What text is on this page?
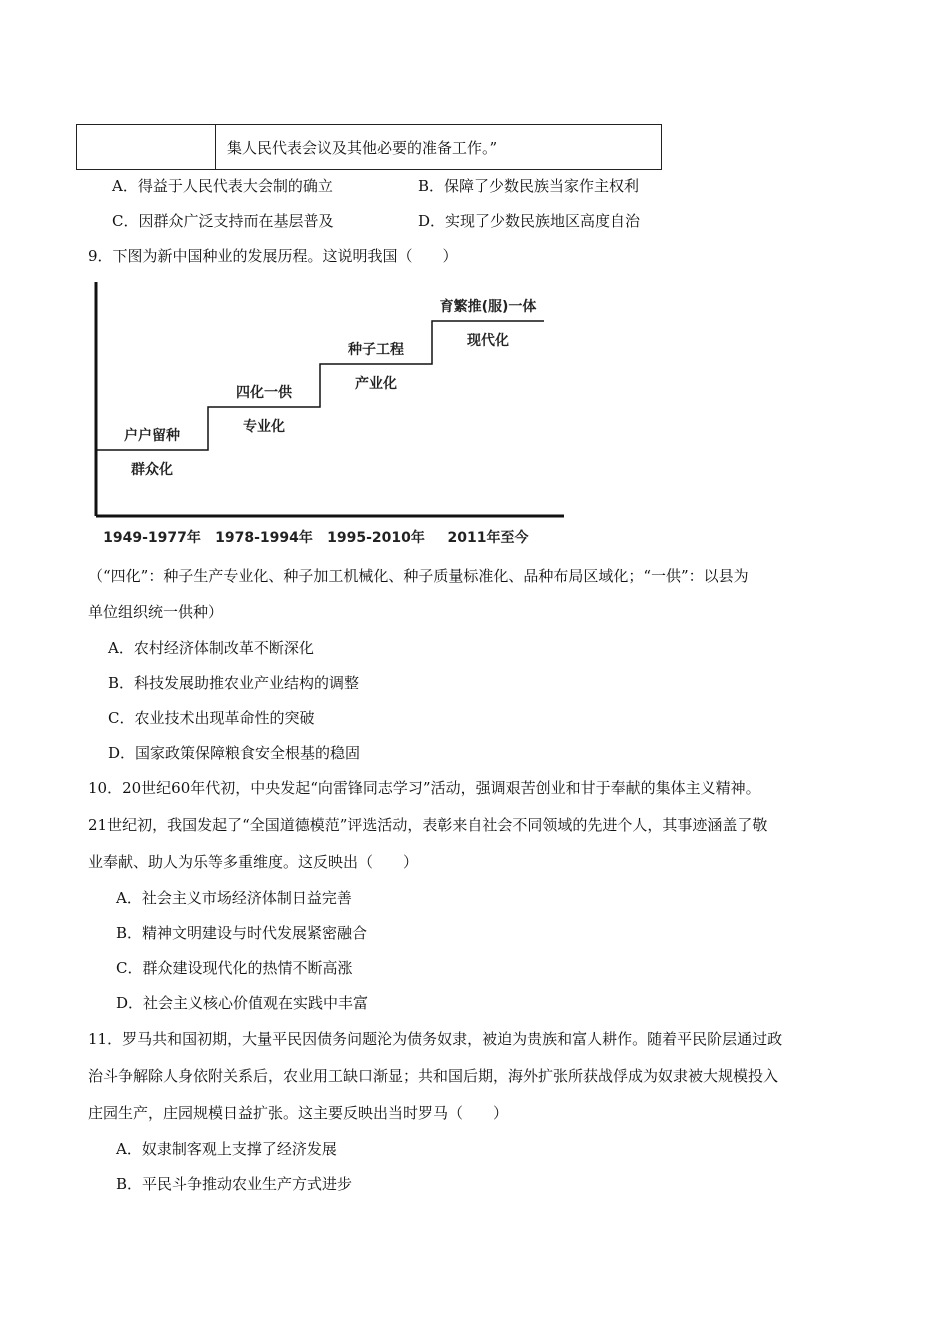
集人民代表会议及其他必要的准备工作。”
A．得益于人民代表大会制的确立	B．保障了少数民族当家作主权利
C．因群众广泛支持而在基层普及	D．实现了少数民族地区高度自治
9．下图为新中国种业的发展历程。这说明我国（　　）
户户留种
群众化
1949-1977年
四化一供
专业化
1978-1994年
种子工程
产业化
1995-2010年
育繁推(服)一体
现代化
2011年至今
（“四化”：种子生产专业化、种子加工机械化、种子质量标准化、品种布局区域化；“一供”：以县为
单位组织统一供种）
A．农村经济体制改革不断深化
B．科技发展助推农业产业结构的调整
C．农业技术出现革命性的突破
D．国家政策保障粮食安全根基的稳固
10．20世纪60年代初，中央发起“向雷锋同志学习”活动，强调艰苦创业和甘于奉献的集体主义精神。
21世纪初，我国发起了“全国道德模范”评选活动，表彰来自社会不同领域的先进个人，其事迹涵盖了敬
业奉献、助人为乐等多重维度。这反映出（　　）
A．社会主义市场经济体制日益完善
B．精神文明建设与时代发展紧密融合
C．群众建设现代化的热情不断高涨
D．社会主义核心价值观在实践中丰富
11．罗马共和国初期，大量平民因债务问题沦为债务奴隶，被迫为贵族和富人耕作。随着平民阶层通过政
治斗争解除人身依附关系后，农业用工缺口渐显；共和国后期，海外扩张所获战俘成为奴隶被大规模投入
庄园生产，庄园规模日益扩张。这主要反映出当时罗马（　　）
A．奴隶制客观上支撑了经济发展
B．平民斗争推动农业生产方式进步
